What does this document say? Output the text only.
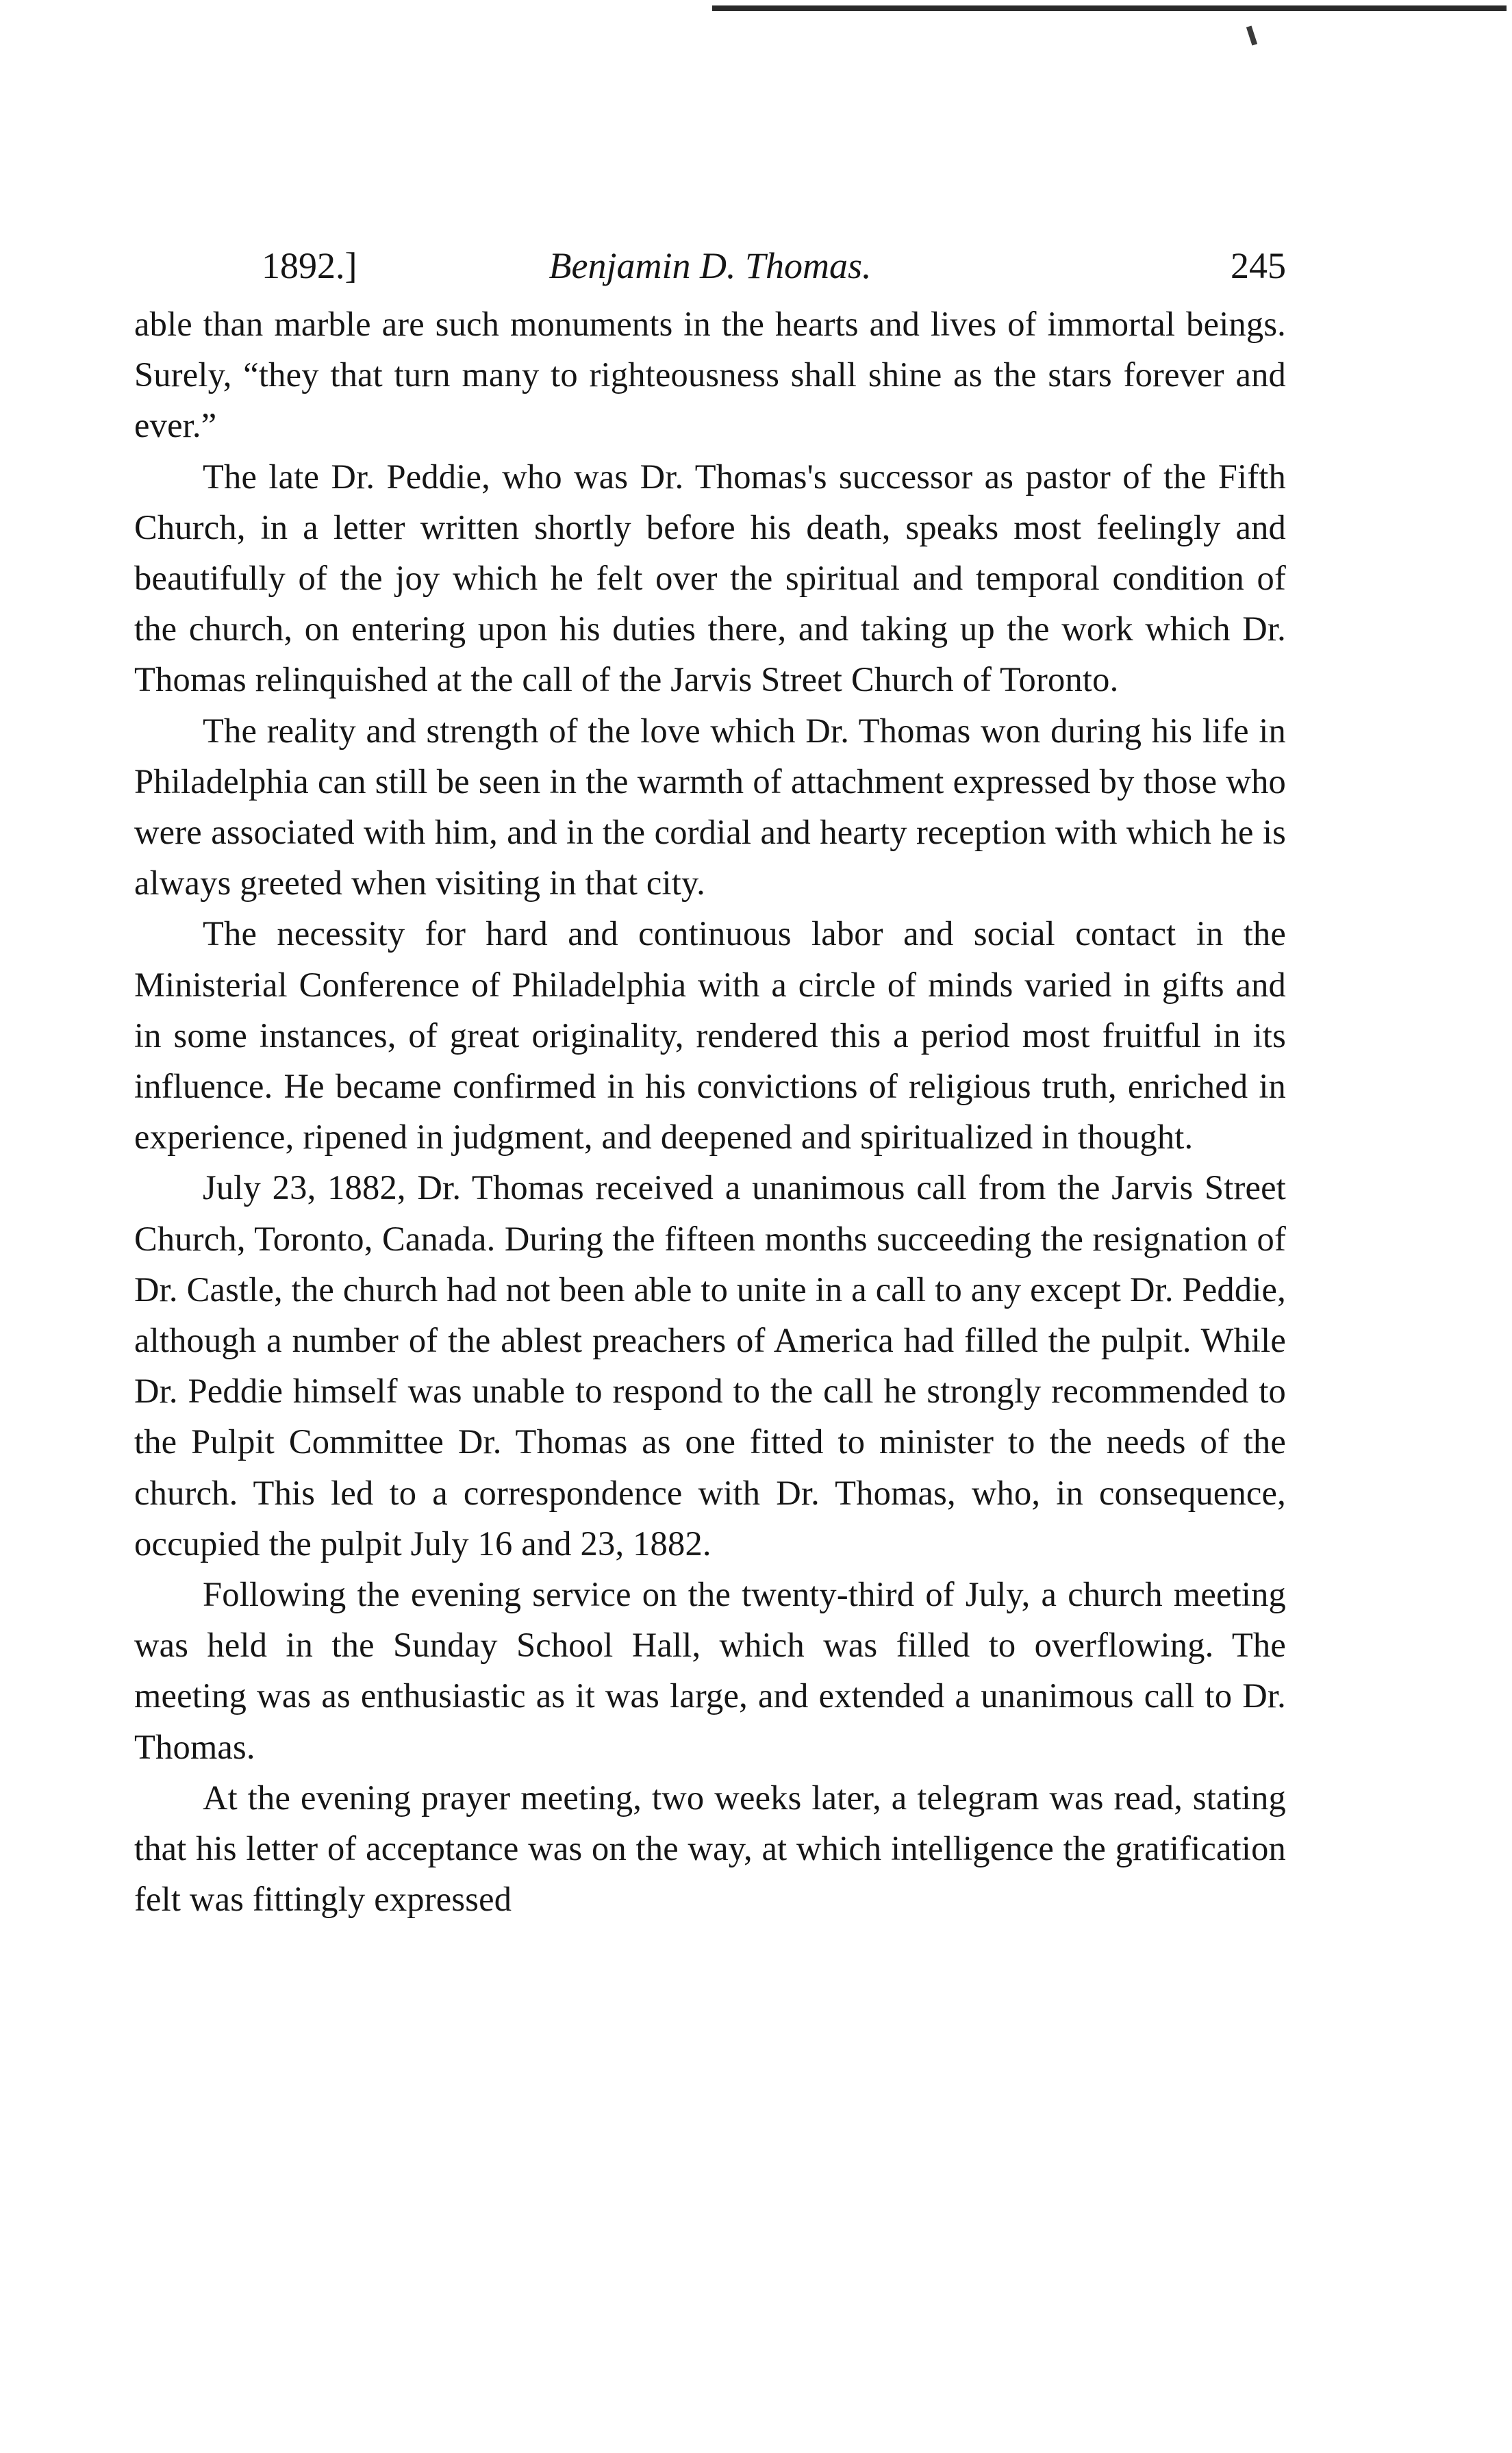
1892.]	Benjamin D. Thomas.	245

able than marble are such monuments in the hearts and lives of immortal beings. Surely, “they that turn many to righteousness shall shine as the stars forever and ever.”

The late Dr. Peddie, who was Dr. Thomas's successor as pastor of the Fifth Church, in a letter written shortly before his death, speaks most feelingly and beautifully of the joy which he felt over the spiritual and temporal condition of the church, on entering upon his duties there, and taking up the work which Dr. Thomas relinquished at the call of the Jarvis Street Church of Toronto.

The reality and strength of the love which Dr. Thomas won during his life in Philadelphia can still be seen in the warmth of attachment expressed by those who were associated with him, and in the cordial and hearty reception with which he is always greeted when visiting in that city.

The necessity for hard and continuous labor and social contact in the Ministerial Conference of Philadelphia with a circle of minds varied in gifts and in some instances, of great originality, rendered this a period most fruitful in its influence. He became confirmed in his convictions of religious truth, enriched in experience, ripened in judgment, and deepened and spiritualized in thought.

July 23, 1882, Dr. Thomas received a unanimous call from the Jarvis Street Church, Toronto, Canada. During the fifteen months succeeding the resignation of Dr. Castle, the church had not been able to unite in a call to any except Dr. Peddie, although a number of the ablest preachers of America had filled the pulpit. While Dr. Peddie himself was unable to respond to the call he strongly recommended to the Pulpit Committee Dr. Thomas as one fitted to minister to the needs of the church. This led to a correspondence with Dr. Thomas, who, in consequence, occupied the pulpit July 16 and 23, 1882.

Following the evening service on the twenty-third of July, a church meeting was held in the Sunday School Hall, which was filled to overflowing. The meeting was as enthusiastic as it was large, and extended a unanimous call to Dr. Thomas.

At the evening prayer meeting, two weeks later, a telegram was read, stating that his letter of acceptance was on the way, at which intelligence the gratification felt was fittingly expressed
